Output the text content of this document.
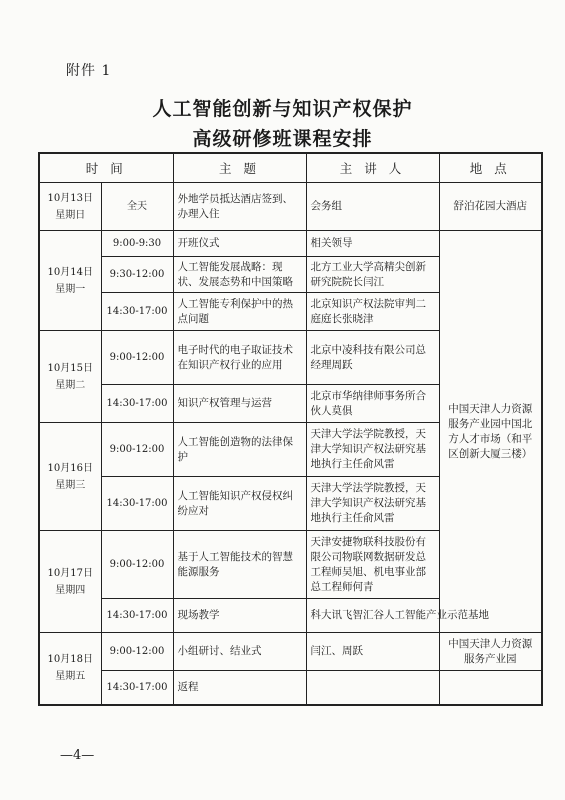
附件 1
人工智能创新与知识产权保护
高级研修班课程安排
时 间		主 题	主 讲 人	地 点
10月13日
星期日	全天	外地学员抵达酒店签到、办理入住	会务组	舒泊花园大酒店
10月14日
星期一	9:00-9:30	开班仪式	相关领导	中国天津人力资源服务产业园中国北方人才市场（和平区创新大厦三楼）
	9:30-12:00	人工智能发展战略：现状、发展态势和中国策略	北方工业大学高精尖创新研究院院长闫江	
	14:30-17:00	人工智能专利保护中的热点问题	北京知识产权法院审判二庭庭长张晓津	
10月15日
星期二	9:00-12:00	电子时代的电子取证技术在知识产权行业的应用	北京中凌科技有限公司总经理周跃	
	14:30-17:00	知识产权管理与运营	北京市华纳律师事务所合伙人莫俱	
10月16日
星期三	9:00-12:00	人工智能创造物的法律保护	天津大学法学院教授，天津大学知识产权法研究基地执行主任俞风雷	
	14:30-17:00	人工智能知识产权侵权纠纷应对	天津大学法学院教授，天津大学知识产权法研究基地执行主任俞风雷	
10月17日
星期四	9:00-12:00	基于人工智能技术的智慧能源服务	天津安捷物联科技股份有限公司物联网数据研发总工程师吴旭、机电事业部总工程师何青	
	14:30-17:00	现场教学	科大讯飞智汇谷人工智能产业示范基地	
10月18日
星期五	9:00-12:00	小组研讨、结业式	闫江、周跃	中国天津人力资源服务产业园
	14:30-17:00	返程		
—4—
